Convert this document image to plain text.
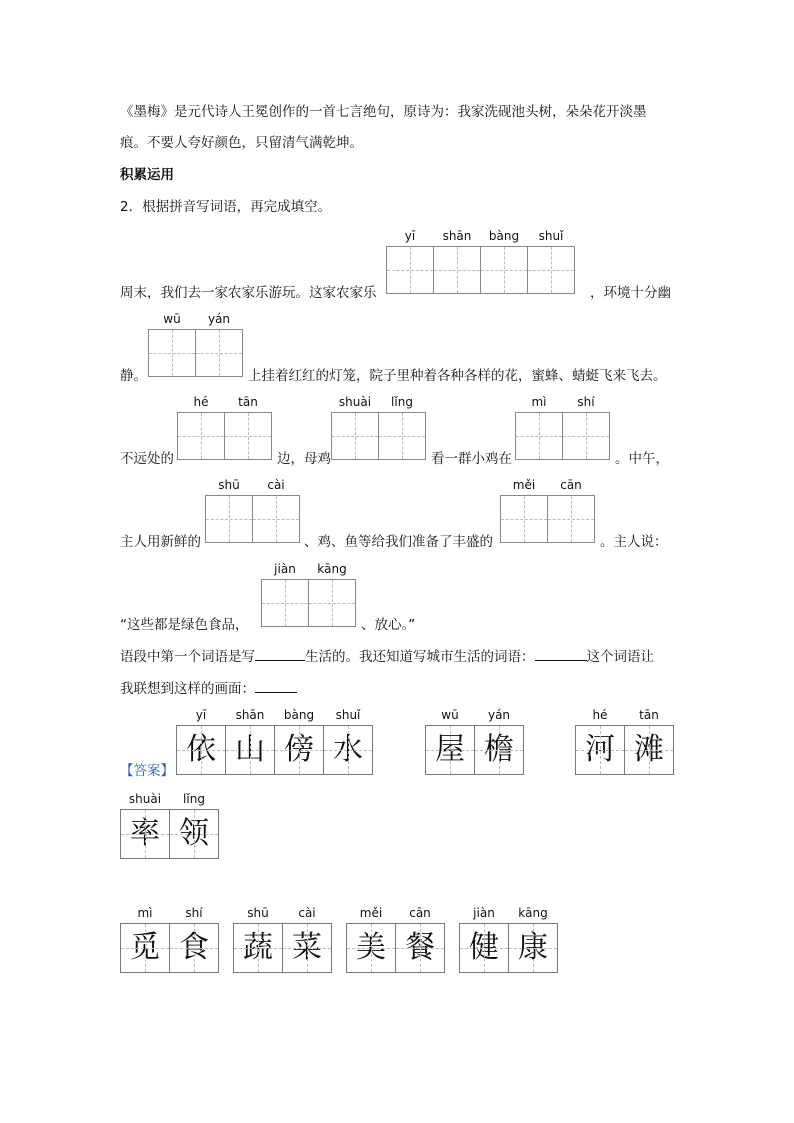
《墨梅》是元代诗人王冕创作的一首七言绝句，原诗为：我家洗砚池头树，朵朵花开淡墨
痕。不要人夸好颜色，只留清气满乾坤。
积累运用
2．根据拼音写词语，再完成填空。
周末，我们去一家农家乐游玩。这家农家乐	，环境十分幽
静。	上挂着红红的灯笼，院子里种着各种各样的花，蜜蜂、蜻蜓飞来飞去。
不远处的	边，母鸡	看一群小鸡在	。中午，
主人用新鲜的	、鸡、鱼等给我们准备了丰盛的	。主人说：
“这些都是绿色食品，	、放心。”
语段中第一个词语是写	生活的。我还知道写城市生活的词语：	这个词语让
我联想到这样的画面：
yī	shān	bàng	shuǐ
wū	yán
hé	tān	shuài	lǐng	mì	shí
shū	cài	měi	cān
jiàn	kāng
【答案】
yī	shān	bàng	shuǐ
依 山 傍 水
wū	yán
屋 檐
hé	tān
河 滩
shuài	lǐng
率 领
mì	shí
觅 食
shū	cài
蔬 菜
měi	cān
美 餐
jiàn	kāng
健 康
